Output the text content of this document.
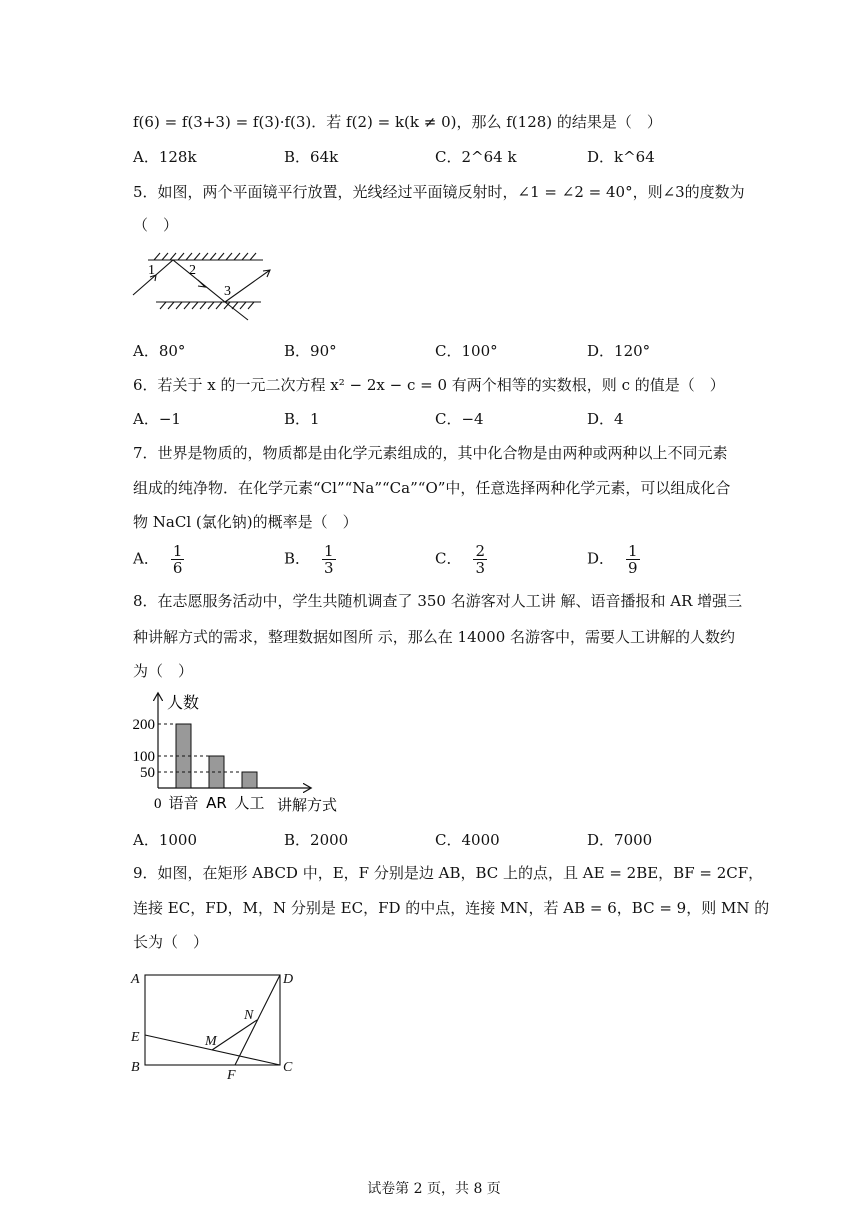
f(6) = f(3+3) = f(3)·f(3)．若 f(2) = k(k ≠ 0)，那么 f(128) 的结果是（　）
A．128k	B．64k	C．2^64 k	D．k^64
5．如图，两个平面镜平行放置，光线经过平面镜反射时，∠1 = ∠2 = 40°，则∠3的度数为
（　）
1 2
3
A．80°	B．90°	C．100°	D．120°
6．若关于 x 的一元二次方程 x² − 2x − c = 0 有两个相等的实数根，则 c 的值是（　）
A．−1	B．1	C．−4	D．4
7．世界是物质的，物质都是由化学元素组成的，其中化合物是由两种或两种以上不同元素
组成的纯净物．在化学元素“Cl”“Na”“Ca”“O”中，任意选择两种化学元素，可以组成化合
物 NaCl (氯化钠)的概率是（　）
A． $\frac{1}{6}$	B． $\frac{1}{3}$	C． $\frac{2}{3}$	D． $\frac{1}{9}$
8．在志愿服务活动中，学生共随机调查了 350 名游客对人工讲 解、语音播报和 AR 增强三
种讲解方式的需求，整理数据如图所 示，那么在 14000 名游客中，需要人工讲解的人数约
为（　）
语音 AR 人工
200
100
50
人数
讲解方式
0
A．1000	B．2000	C．4000	D．7000
9．如图，在矩形 ABCD 中，E，F 分别是边 AB，BC 上的点，且 AE = 2BE，BF = 2CF，
连接 EC，FD，M，N 分别是 EC，FD 的中点，连接 MN，若 AB = 6，BC = 9，则 MN 的
长为（　）
A	D
E
B	C
F
M
N
试卷第 2 页，共 8 页
